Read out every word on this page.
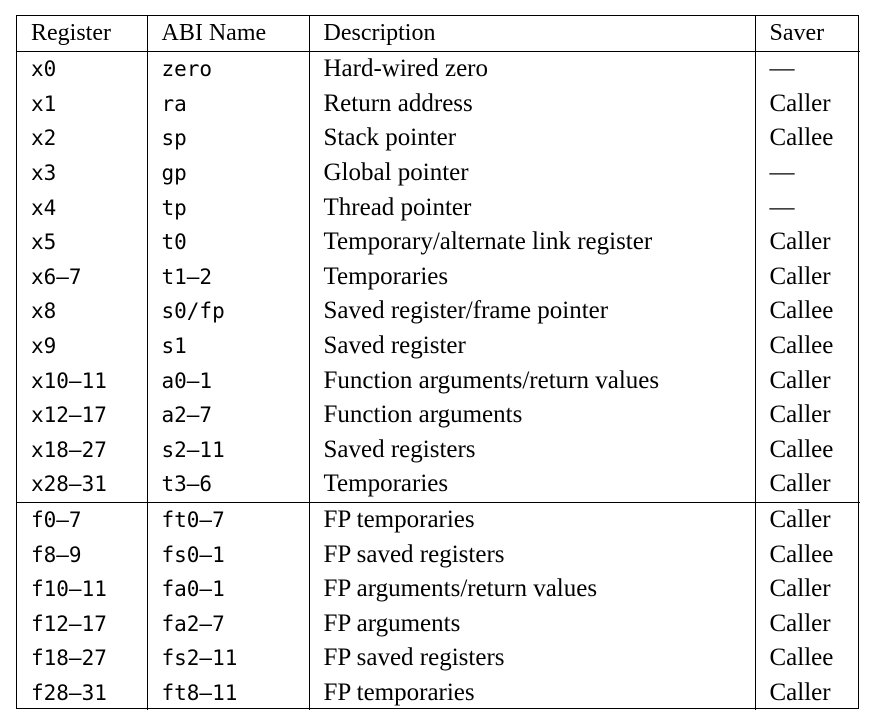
Register	ABI Name	Description	Saver
x0	zero	Hard-wired zero	—
x1	ra	Return address	Caller
x2	sp	Stack pointer	Callee
x3	gp	Global pointer	—
x4	tp	Thread pointer	—
x5	t0	Temporary/alternate link register	Caller
x6–7	t1–2	Temporaries	Caller
x8	s0/fp	Saved register/frame pointer	Callee
x9	s1	Saved register	Callee
x10–11	a0–1	Function arguments/return values	Caller
x12–17	a2–7	Function arguments	Caller
x18–27	s2–11	Saved registers	Callee
x28–31	t3–6	Temporaries	Caller
f0–7	ft0–7	FP temporaries	Caller
f8–9	fs0–1	FP saved registers	Callee
f10–11	fa0–1	FP arguments/return values	Caller
f12–17	fa2–7	FP arguments	Caller
f18–27	fs2–11	FP saved registers	Callee
f28–31	ft8–11	FP temporaries	Caller
